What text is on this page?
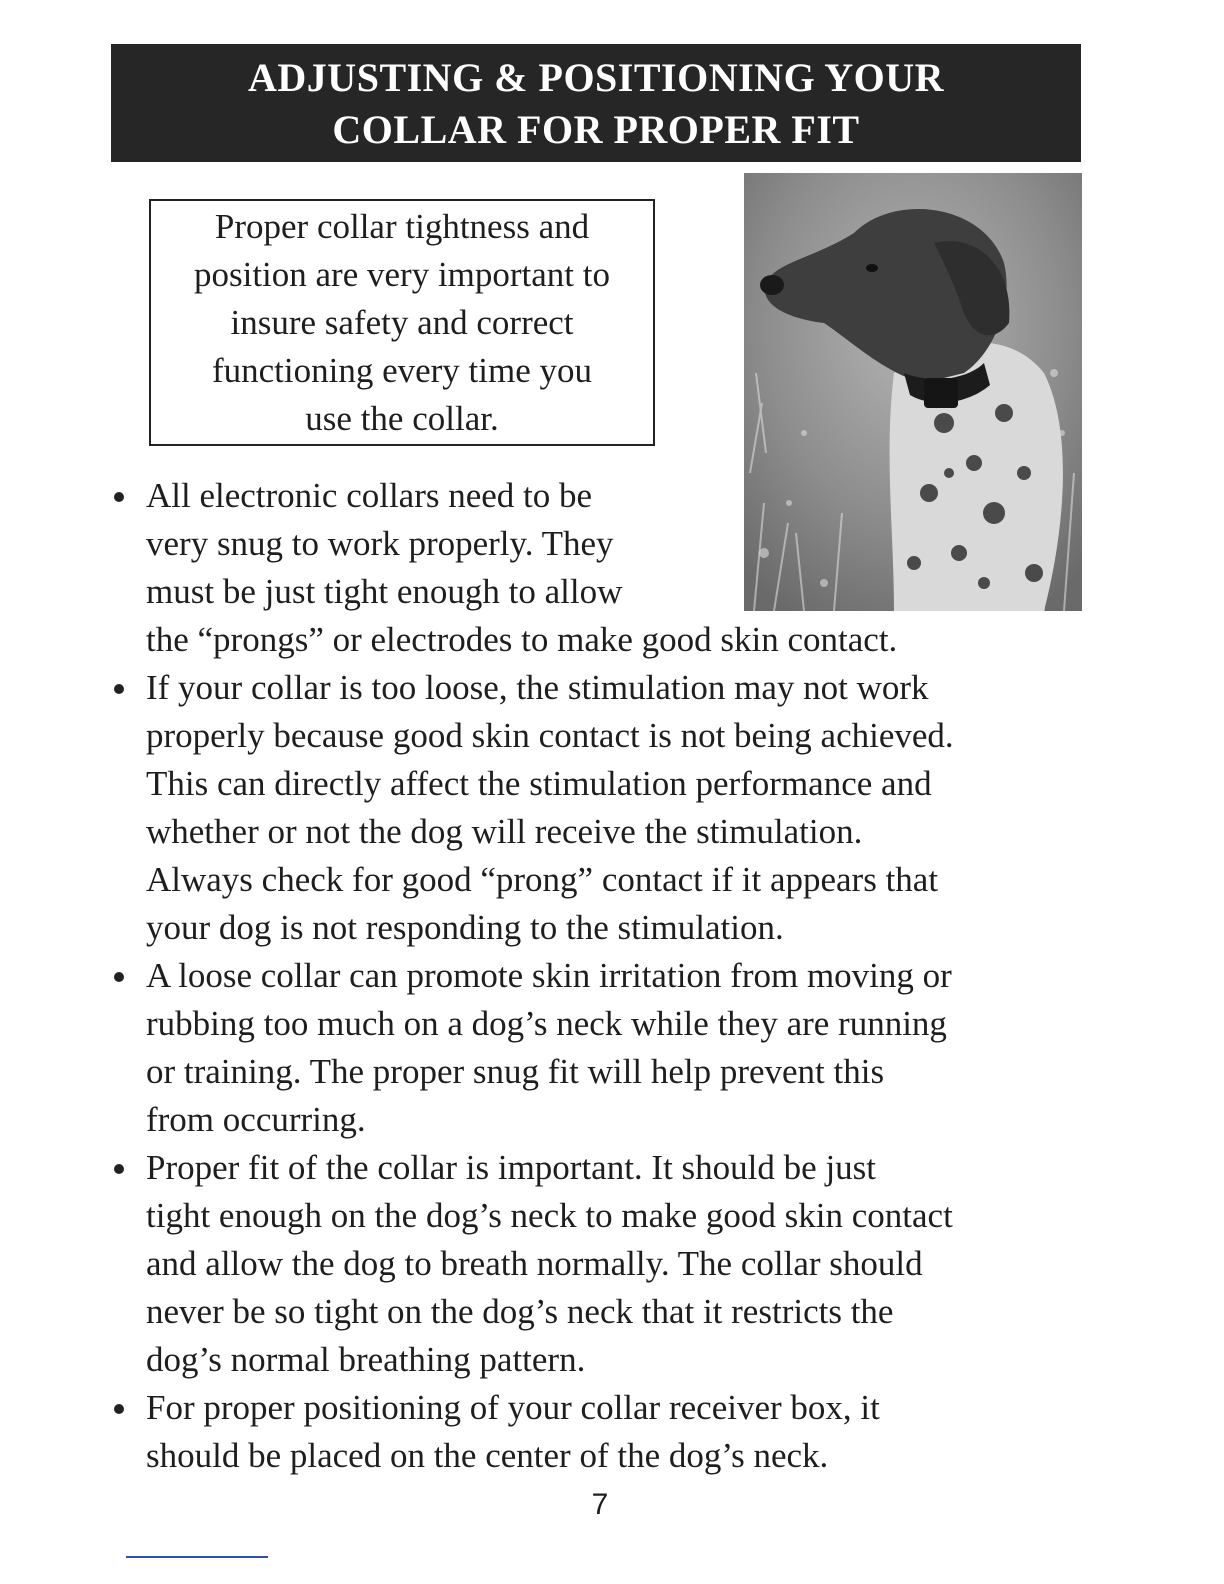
ADJUSTING & POSITIONING YOUR
COLLAR FOR PROPER FIT
Proper collar tightness and
position are very important to
insure safety and correct
functioning every time you
use the collar.
All electronic collars need to be
very snug to work properly. They
must be just tight enough to allow
the “prongs” or electrodes to make good skin contact.
If your collar is too loose, the stimulation may not work
properly because good skin contact is not being achieved.
This can directly affect the stimulation performance and
whether or not the dog will receive the stimulation.
Always check for good “prong” contact if it appears that
your dog is not responding to the stimulation.
A loose collar can promote skin irritation from moving or
rubbing too much on a dog’s neck while they are running
or training. The proper snug fit will help prevent this
from occurring.
Proper fit of the collar is important. It should be just
tight enough on the dog’s neck to make good skin contact
and allow the dog to breath normally. The collar should
never be so tight on the dog’s neck that it restricts the
dog’s normal breathing pattern.
For proper positioning of your collar receiver box, it
should be placed on the center of the dog’s neck.
7
